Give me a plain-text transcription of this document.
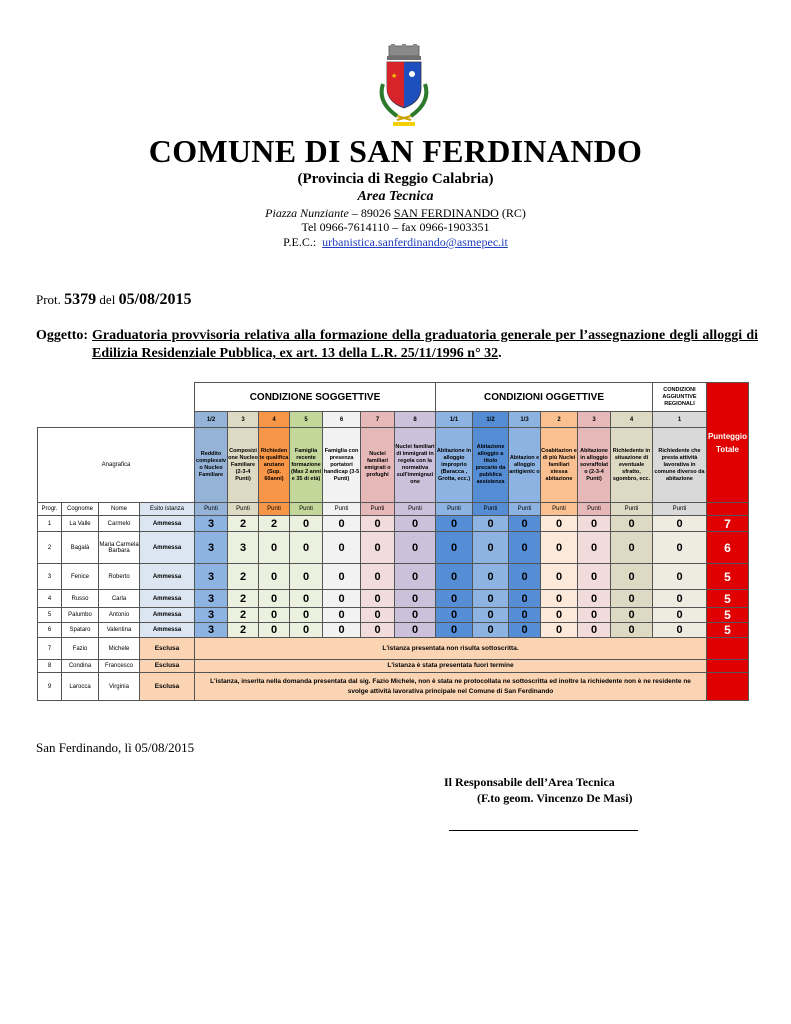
★
COMUNE DI SAN FERDINANDO
(Provincia di Reggio Calabria)
Area Tecnica
Piazza Nunziante – 89026 SAN FERDINANDO (RC)
Tel 0966-7614110 – fax 0966-1903351
P.E.C.: urbanistica.sanferdinando@asmepec.it
Prot. 5379 del 05/08/2015
Oggetto: Graduatoria provvisoria relativa alla formazione della graduatoria generale per l’assegnazione degli alloggi di
Edilizia Residenziale Pubblica, ex art. 13 della L.R. 25/11/1996 n° 32.
				CONDIZIONE SOGGETTIVE							CONDIZIONI OGGETTIVE						CONDIZIONI AGGIUNTIVE REGIONALI	Punteggio Totale
				1/2	3	4	5	6	7	8	1/1	1/2	1/3	2	3	4	1	
Anagrafica				Reddito complessiv o Nucleo Familiare	Composizi one Nucleo Familiare (2-3-4 Punti)	Richieden te qualifica anziano (Sup. 60anni)	Famiglia recente formazione (Max 2 anni e 35 di età)	Famiglia con presenza portatori handicap (3-5 Punti)	Nuclei familiari emigrati o profughi	Nuclei familiari di immigrati in regola con la normativa sull'immigrazi one	Abitazione in alloggio improprio (Baracca , Grotta, ecc.)	Abitazione alloggio a titolo precario da pubblica assistenza	Abitazion e alloggio antigienic o	Coabitazion e di più Nuclei familiari stessa abitazione	Abitazione in alloggio sovraffolat o (2-3-4 Punti)	Richiedente in situazione di eventuale sfratto, sgombro, ecc.	Richiedente che presta attività lavorativa in comune diverso da abitazione	
Progr.	Cognome	Nome	Esito istanza	Punti	Punti	Punti	Punti	Punti	Punti	Punti	Punti	Punti	Punti	Punti	Punti	Punti	Punti	
1	La Valle	Carmelo	Ammessa	3	2	2	0	0	0	0	0	0	0	0	0	0	0	7
2	Bagalà	Maria Carmela Barbara	Ammessa	3	3	0	0	0	0	0	0	0	0	0	0	0	0	6
3	Fenice	Roberto	Ammessa	3	2	0	0	0	0	0	0	0	0	0	0	0	0	5
4	Russo	Carla	Ammessa	3	2	0	0	0	0	0	0	0	0	0	0	0	0	5
5	Palumbo	Antonio	Ammessa	3	2	0	0	0	0	0	0	0	0	0	0	0	0	5
6	Spataro	Valentina	Ammessa	3	2	0	0	0	0	0	0	0	0	0	0	0	0	5
7	Fazio	Michele	Esclusa	L'istanza presentata non risulta sottoscritta.														
8	Condina	Francesco	Esclusa	L'istanza è stata presentata fuori termine														
9	Larocca	Virginia	Esclusa	L'istanza, inserita nella domanda presentata dal sig. Fazio Michele, non è stata ne protocollata ne sottoscritta ed inoltre la richiedente non è ne residente ne svolge attività lavorativa principale nel Comune di San Ferdinando														
San Ferdinando, lì 05/08/2015
Il Responsabile dell’Area Tecnica
(F.to geom. Vincenzo De Masi)
